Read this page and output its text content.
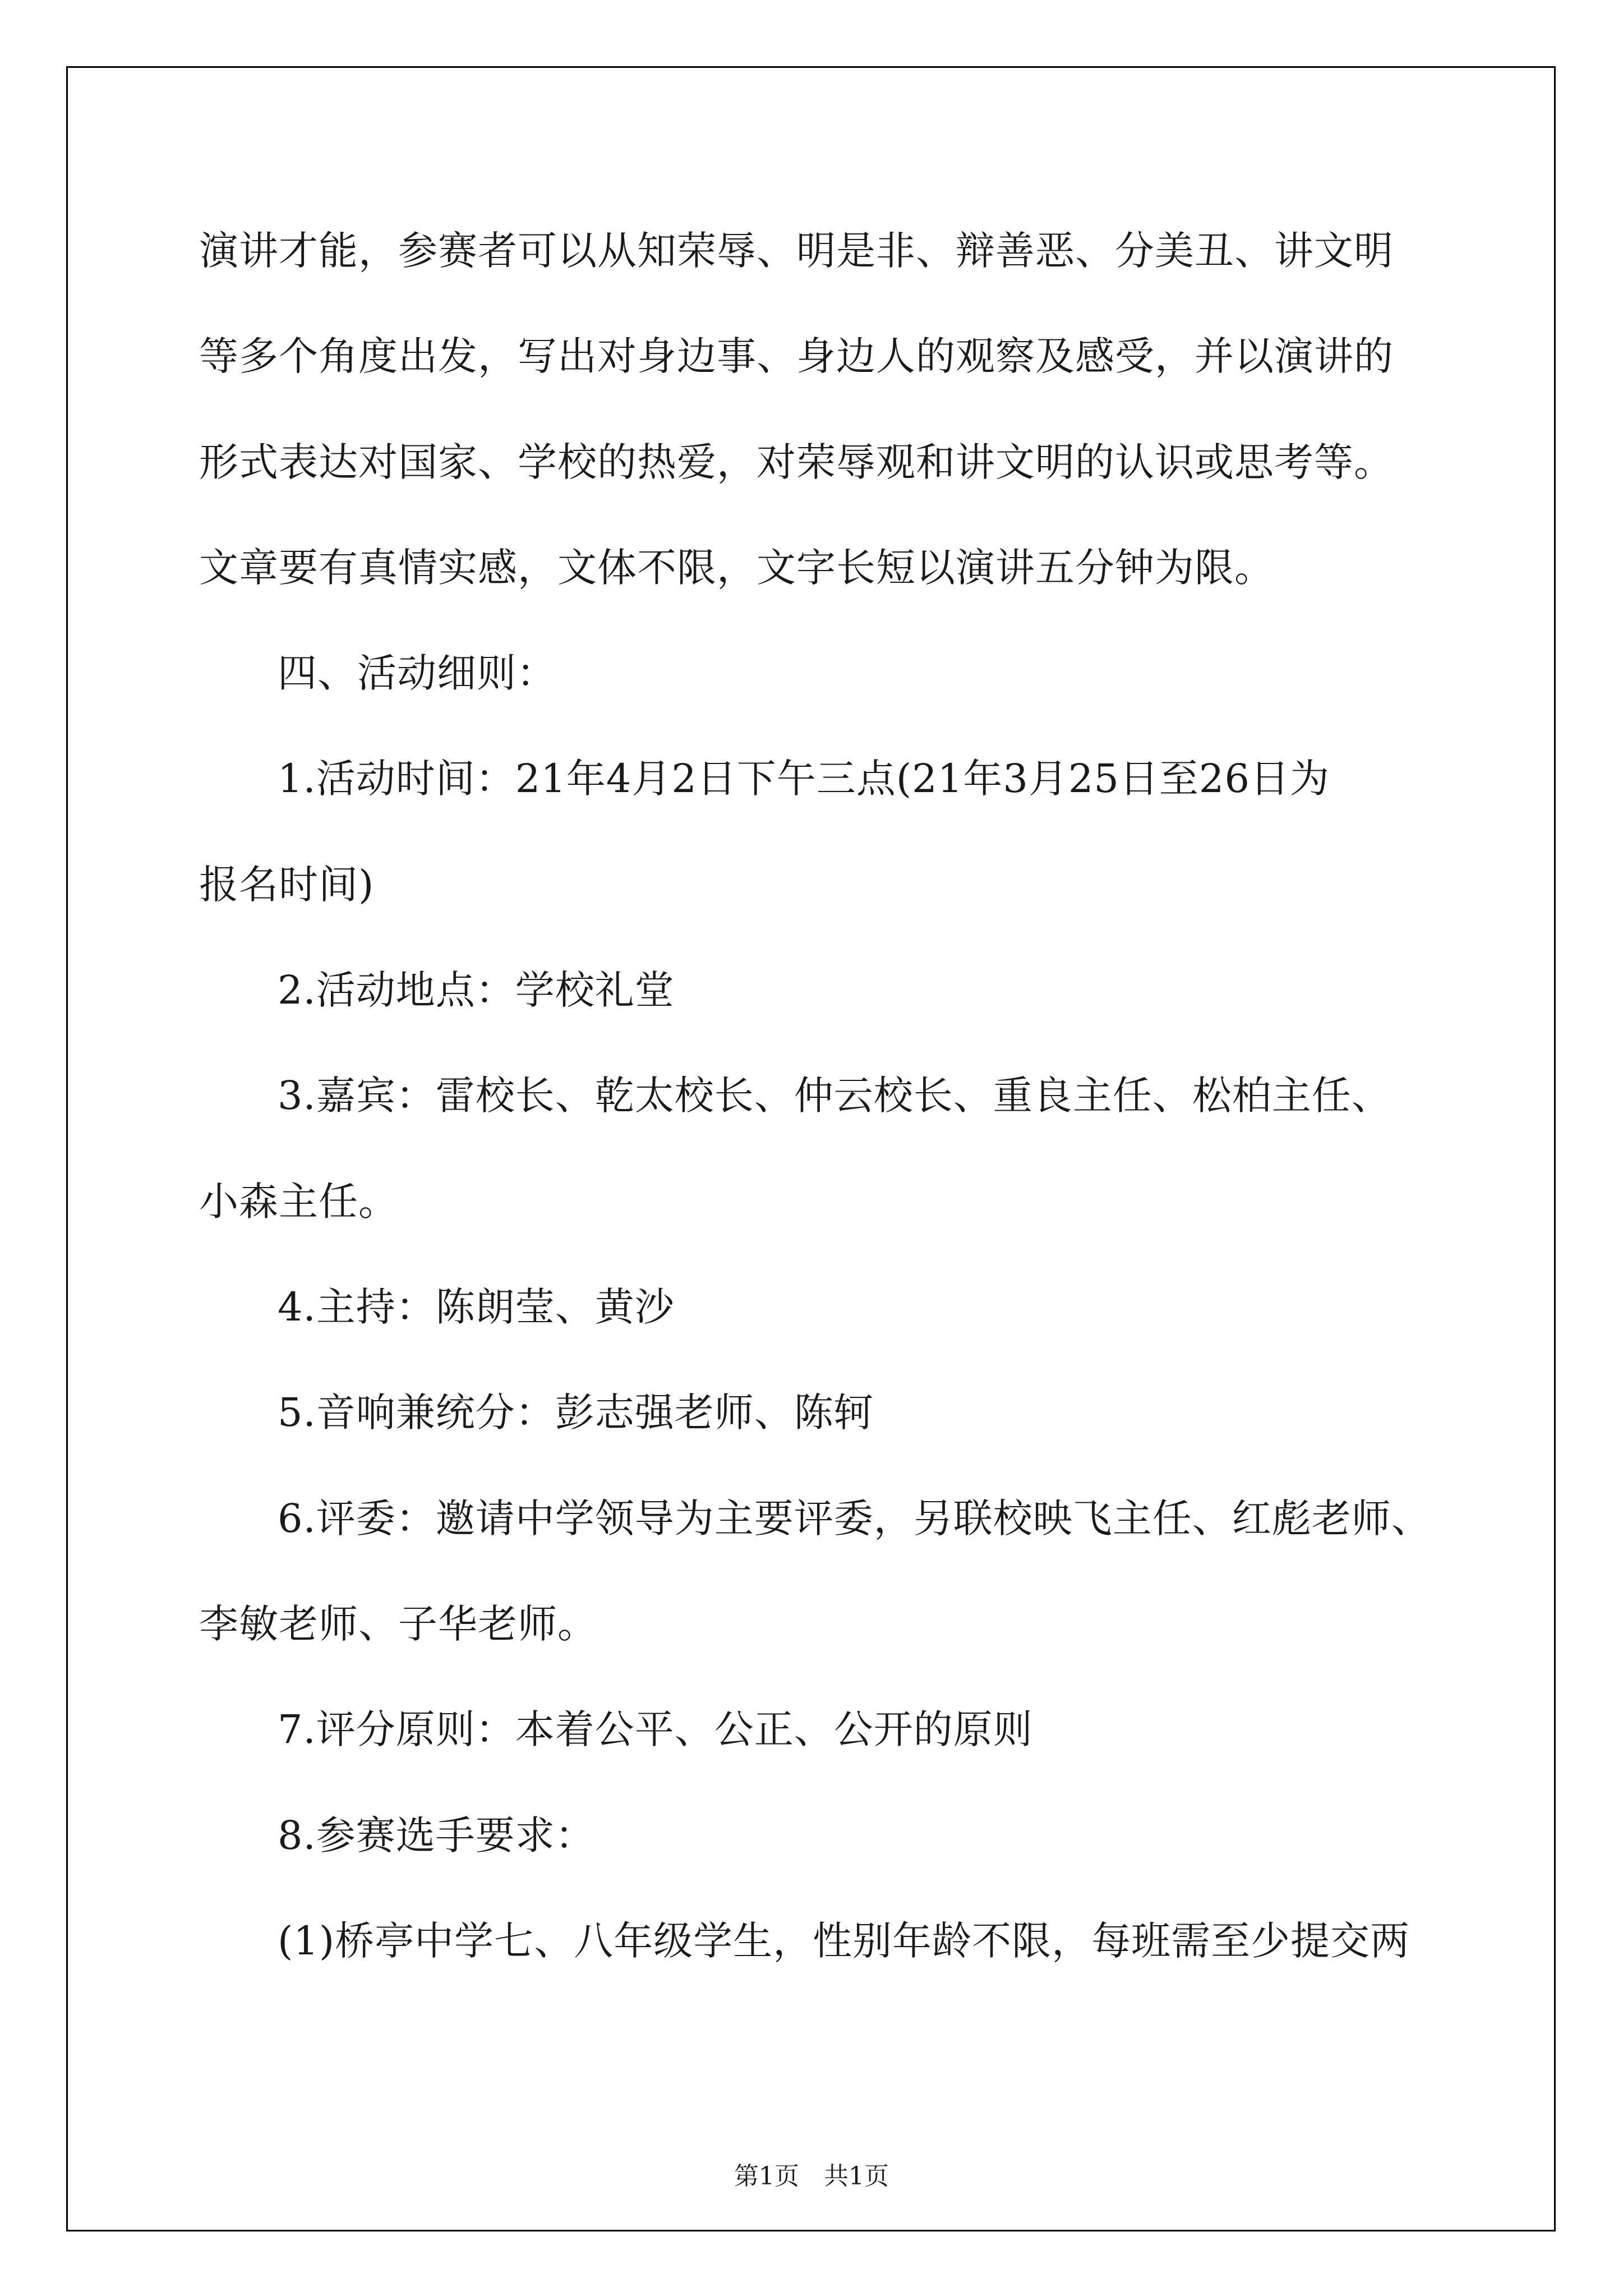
演讲才能，参赛者可以从知荣辱、明是非、辩善恶、分美丑、讲文明
等多个角度出发，写出对身边事、身边人的观察及感受，并以演讲的
形式表达对国家、学校的热爱，对荣辱观和讲文明的认识或思考等。
文章要有真情实感，文体不限，文字长短以演讲五分钟为限。
四、活动细则：
1.活动时间：21年4月2日下午三点(21年3月25日至26日为
报名时间)
2.活动地点：学校礼堂
3.嘉宾：雷校长、乾太校长、仲云校长、重良主任、松柏主任、
小森主任。
4.主持：陈朗莹、黄沙
5.音响兼统分：彭志强老师、陈轲
6.评委：邀请中学领导为主要评委，另联校映飞主任、红彪老师、
李敏老师、子华老师。
7.评分原则：本着公平、公正、公开的原则
8.参赛选手要求：
(1)桥亭中学七、八年级学生，性别年龄不限，每班需至少提交两
第1页　共1页
